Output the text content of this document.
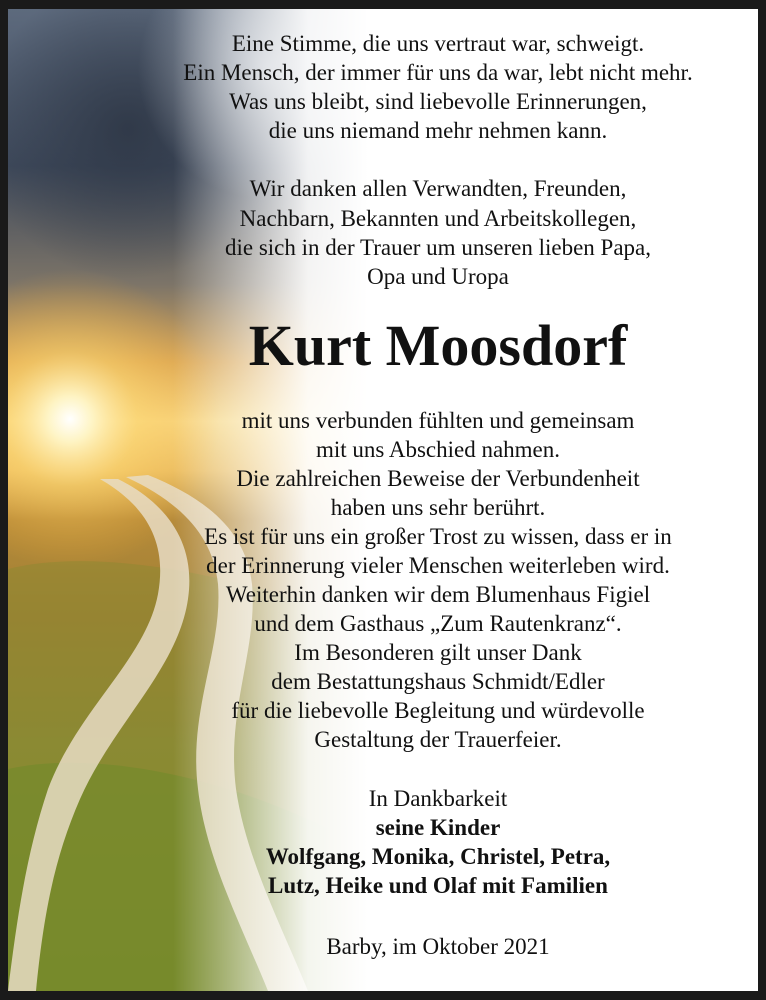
Eine Stimme, die uns vertraut war, schweigt.
Ein Mensch, der immer für uns da war, lebt nicht mehr.
Was uns bleibt, sind liebevolle Erinnerungen,
die uns niemand mehr nehmen kann.
Wir danken allen Verwandten, Freunden,
Nachbarn, Bekannten und Arbeitskollegen,
die sich in der Trauer um unseren lieben Papa,
Opa und Uropa
Kurt Moosdorf
mit uns verbunden fühlten und gemeinsam
mit uns Abschied nahmen.
Die zahlreichen Beweise der Verbundenheit
haben uns sehr berührt.
Es ist für uns ein großer Trost zu wissen, dass er in
der Erinnerung vieler Menschen weiterleben wird.
Weiterhin danken wir dem Blumenhaus Figiel
und dem Gasthaus „Zum Rautenkranz“.
Im Besonderen gilt unser Dank
dem Bestattungshaus Schmidt/Edler
für die liebevolle Begleitung und würdevolle
Gestaltung der Trauerfeier.
In Dankbarkeit
seine Kinder
Wolfgang, Monika, Christel, Petra,
Lutz, Heike und Olaf mit Familien
Barby, im Oktober 2021
